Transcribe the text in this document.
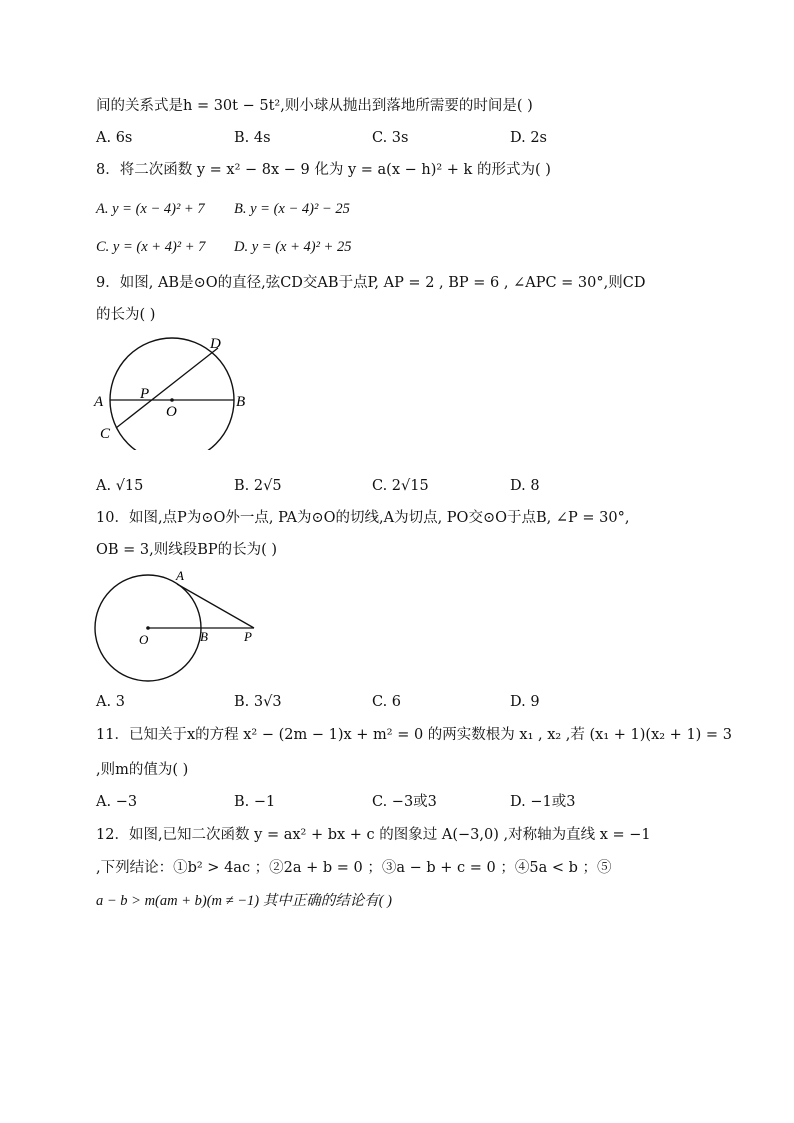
间的关系式是h = 30t − 5t²,则小球从抛出到落地所需要的时间是( )
A. 6s	B. 4s	C. 3s	D. 2s
8．将二次函数 y = x² − 8x − 9 化为 y = a(x − h)² + k 的形式为( )
A. y = (x − 4)² + 7 B. y = (x − 4)² − 25
C. y = (x + 4)² + 7 D. y = (x + 4)² + 25
9．如图, AB是⊙O的直径,弦CD交AB于点P, AP = 2 , BP = 6 , ∠APC = 30°,则CD
的长为( )
A	B
C
D
P
O
A. √15	B. 2√5	C. 2√15	D. 8
10．如图,点P为⊙O外一点, PA为⊙O的切线,A为切点, PO交⊙O于点B, ∠P = 30°,
OB = 3,则线段BP的长为( )
A
O	B	P
A. 3	B. 3√3	C. 6	D. 9
11．已知关于x的方程 x² − (2m − 1)x + m² = 0 的两实数根为 x₁ , x₂ ,若 (x₁ + 1)(x₂ + 1) = 3
,则m的值为( )
A. −3	B. −1	C. −3或3	D. −1或3
12．如图,已知二次函数 y = ax² + bx + c 的图象过 A(−3,0) ,对称轴为直线 x = −1
,下列结论：①b² > 4ac ；②2a + b = 0 ；③a − b + c = 0 ；④5a < b ；⑤
a − b > m(am + b)(m ≠ −1) 其中正确的结论有( )
